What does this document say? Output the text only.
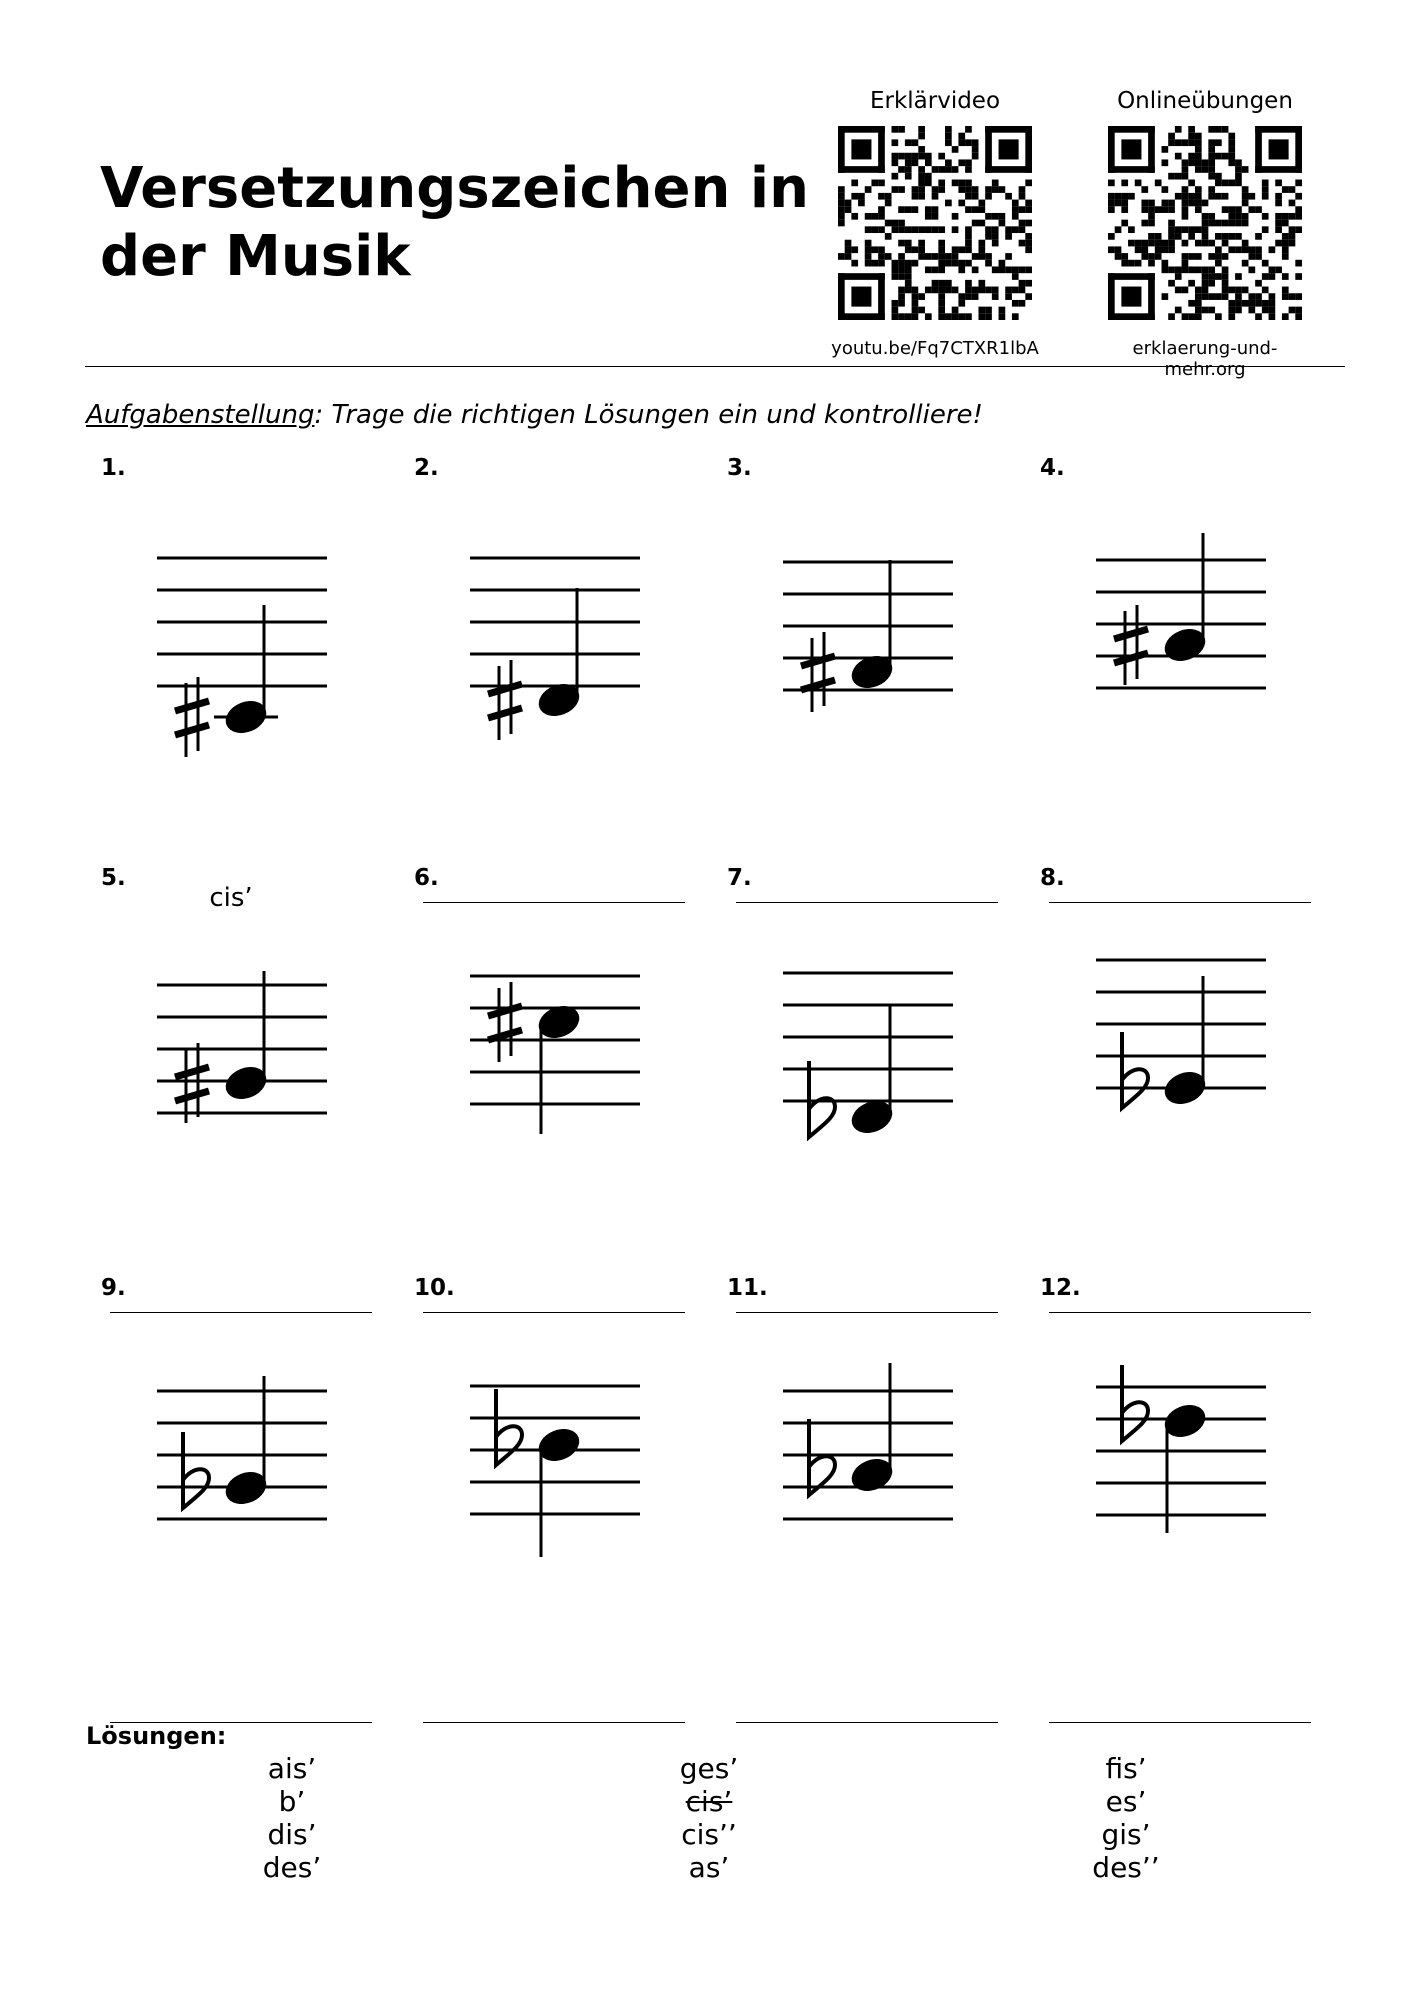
Versetzungszeichen in
der Musik
Erklärvideo
youtu.be/Fq7CTXR1lbA
Onlineübungen
erklaerung-und-mehr.org
Aufgabenstellung: Trage die richtigen Lösungen ein und kontrolliere!
1.
cis’
2.	3.	4.
5.	6.	7.	8.
9.	10.	11.	12.
Lösungen:
ais’
b’
dis’
des’
ges’
cis’
cis’’
as’
fis’
es’
gis’
des’’
